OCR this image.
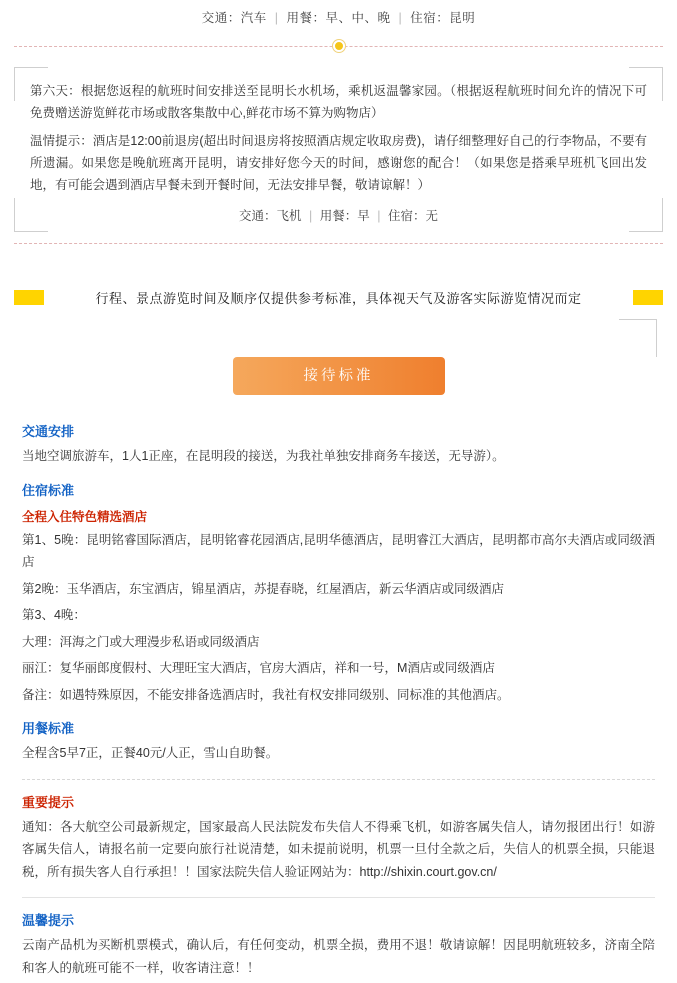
交通：汽车 | 用餐：早、中、晚 | 住宿：昆明

第六天：根据您返程的航班时间安排送至昆明长水机场，乘机返温馨家园。（根据返程航班时间允许的情况下可免费赠送游览鲜花市场或散客集散中心,鲜花市场不算为购物店）

温情提示：酒店是12:00前退房(超出时间退房将按照酒店规定收取房费)，请仔细整理好自己的行李物品，不要有所遗漏。如果您是晚航班离开昆明，请安排好您今天的时间，感谢您的配合！（如果您是搭乘早班机飞回出发地，有可能会遇到酒店早餐未到开餐时间，无法安排早餐，敬请谅解！）

交通：飞机 | 用餐：早 | 住宿：无
行程、景点游览时间及顺序仅提供参考标准，具体视天气及游客实际游览情况而定
接待标准
交通安排

当地空调旅游车，1人1正座，在昆明段的接送，为我社单独安排商务车接送，无导游）。

住宿标准
全程入住特色精选酒店

第1、5晚：昆明铭睿国际酒店，昆明铭睿花园酒店,昆明华德酒店，昆明睿江大酒店，昆明都市高尔夫酒店或同级酒店

第2晚：玉华酒店，东宝酒店，锦星酒店，苏提春晓，红屋酒店，新云华酒店或同级酒店

第3、4晚：

大理：洱海之门或大理漫步私语或同级酒店

丽江：复华丽郎度假村、大理旺宝大酒店，官房大酒店，祥和一号，M酒店或同级酒店

备注：如遇特殊原因，不能安排备选酒店时，我社有权安排同级别、同标准的其他酒店。

用餐标准

全程含5早7正，正餐40元/人正，雪山自助餐。

重要提示

通知：各大航空公司最新规定，国家最高人民法院发布失信人不得乘飞机，如游客属失信人，请勿报团出行！如游客属失信人，请报名前一定要向旅行社说清楚，如未提前说明，机票一旦付全款之后，失信人的机票全损，只能退税，所有损失客人自行承担！！国家法院失信人验证网站为：http://shixin.court.gov.cn/

温馨提示

云南产品机为买断机票模式，确认后，有任何变动，机票全损，费用不退！敬请谅解！因昆明航班较多，济南全陪和客人的航班可能不一样，收客请注意！！
